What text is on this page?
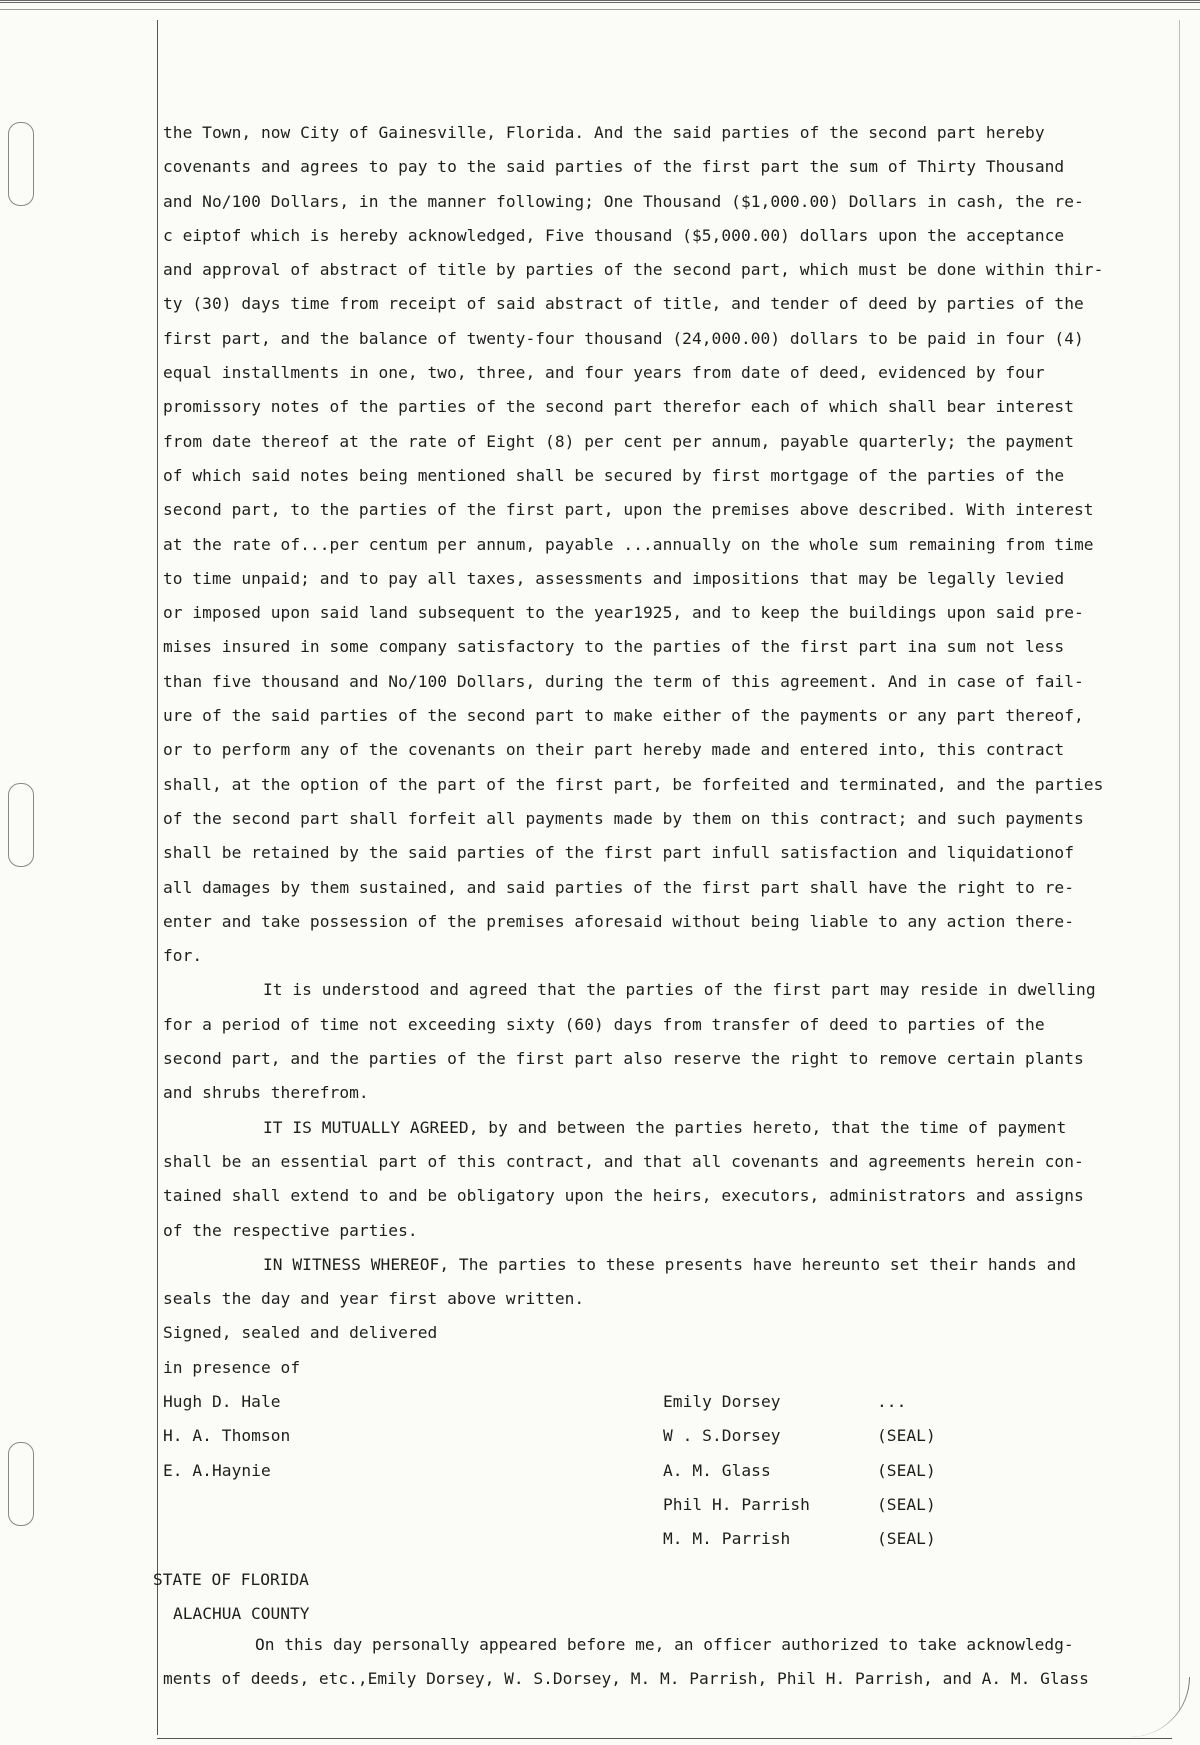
the Town, now City of Gainesville, Florida. And the said parties of the second part hereby
covenants and agrees to pay to the said parties of the first part the sum of Thirty Thousand
and No/100 Dollars, in the manner following; One Thousand ($1,000.00) Dollars in cash, the re-
c eiptof which is hereby acknowledged, Five thousand ($5,000.00) dollars upon the acceptance
and approval of abstract of title by parties of the second part, which must be done within thir-
ty (30) days time from receipt of said abstract of title, and tender of deed by parties of the
first part, and the balance of twenty-four thousand (24,000.00) dollars to be paid in four (4)
equal installments in one, two, three, and four years from date of deed, evidenced by four
promissory notes of the parties of the second part therefor each of which shall bear interest
from date thereof at the rate of Eight (8) per cent per annum, payable quarterly; the payment
of which said notes being mentioned shall be secured by first mortgage of the parties of the
second part, to the parties of the first part, upon the premises above described. With interest
at the rate of...per centum per annum, payable ...annually on the whole sum remaining from time
to time unpaid; and to pay all taxes, assessments and impositions that may be legally levied
or imposed upon said land subsequent to the year1925, and to keep the buildings upon said pre-
mises insured in some company satisfactory to the parties of the first part ina sum not less
than five thousand and No/100 Dollars, during the term of this agreement. And in case of fail-
ure of the said parties of the second part to make either of the payments or any part thereof,
or to perform any of the covenants on their part hereby made and entered into, this contract
shall, at the option of the part of the first part, be forfeited and terminated, and the parties
of the second part shall forfeit all payments made by them on this contract; and such payments
shall be retained by the said parties of the first part infull satisfaction and liquidationof
all damages by them sustained, and said parties of the first part shall have the right to re-
enter and take possession of the premises aforesaid without being liable to any action there-
for.
It is understood and agreed that the parties of the first part may reside in dwelling
for a period of time not exceeding sixty (60) days from transfer of deed to parties of the
second part, and the parties of the first part also reserve the right to remove certain plants
and shrubs therefrom.
IT IS MUTUALLY AGREED, by and between the parties hereto, that the time of payment
shall be an essential part of this contract, and that all covenants and agreements herein con-
tained shall extend to and be obligatory upon the heirs, executors, administrators and assigns
of the respective parties.
IN WITNESS WHEREOF, The parties to these presents have hereunto set their hands and
seals the day and year first above written.
Signed, sealed and delivered
in presence of
Hugh D. Hale
H. A. Thomson
E. A.Haynie
Emily Dorsey
W . S.Dorsey
A. M. Glass
Phil H. Parrish
M. M. Parrish
...
(SEAL)
(SEAL)
(SEAL)
(SEAL)
STATE OF FLORIDA
ALACHUA COUNTY
On this day personally appeared before me, an officer authorized to take acknowledg-
ments of deeds, etc.,Emily Dorsey, W. S.Dorsey, M. M. Parrish, Phil H. Parrish, and A. M. Glass
